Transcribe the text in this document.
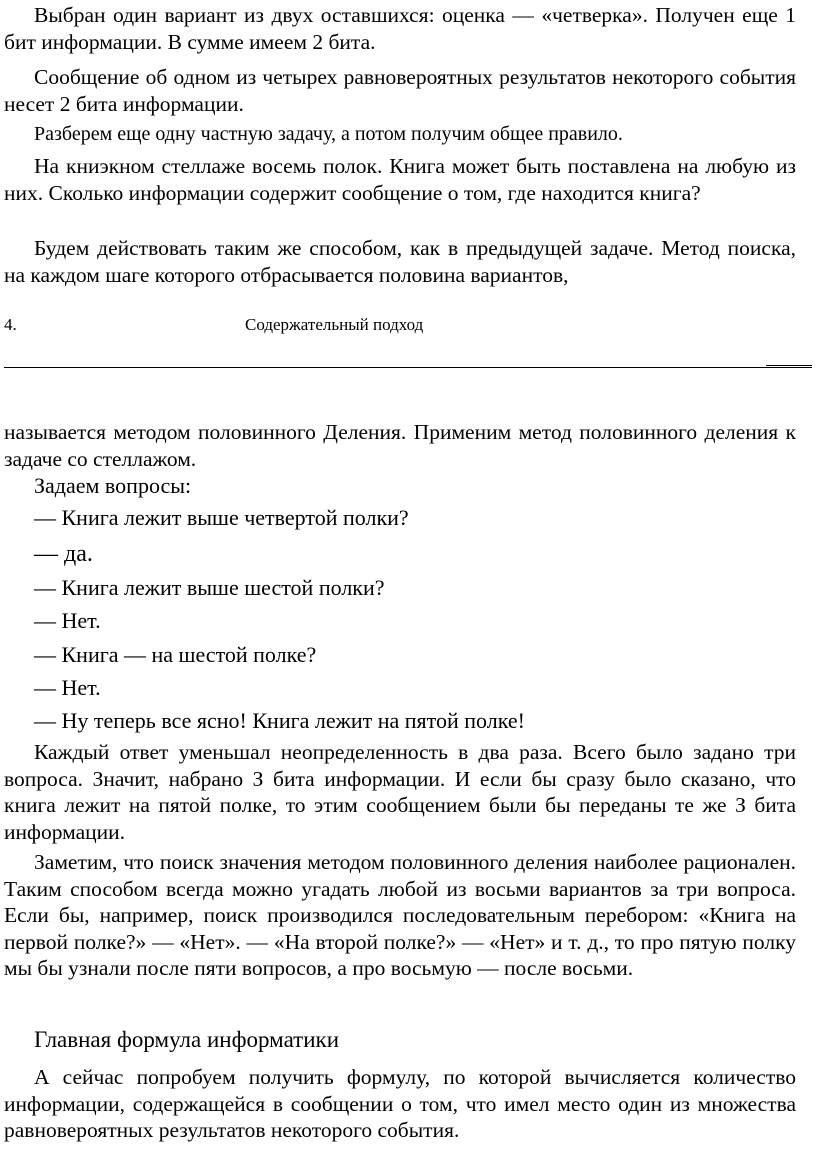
Выбран один вариант из двух оставшихся: оценка — «четверка». Получен еще 1 бит информации. В сумме имеем 2 бита.

Сообщение об одном из четырех равновероятных результатов некоторого события несет 2 бита информации.

Разберем еще одну частную задачу, а потом получим общее правило.

На книэкном стеллаже восемь полок. Книга может быть поставлена на любую из них. Сколько информации содержит сообщение о том, где находится книга?

Будем действовать таким же способом, как в предыдущей задаче. Метод поиска, на каждом шаге которого отбрасывается половина вариантов,

4.	Содержательный подход

называется методом половинного Деления. Применим метод половинного деления к задаче со стеллажом.

Задаем вопросы:

— Книга лежит выше четвертой полки?

— да.

— Книга лежит выше шестой полки?

— Нет.

— Книга — на шестой полке?

— Нет.

— Ну теперь все ясно! Книга лежит на пятой полке!

Каждый ответ уменьшал неопределенность в два раза. Всего было задано три вопроса. Значит, набрано З бита информации. И если бы сразу было сказано, что книга лежит на пятой полке, то этим сообщением были бы переданы те же З бита информации.

Заметим, что поиск значения методом половинного деления наиболее рационален. Таким способом всегда можно угадать любой из восьми вариантов за три вопроса. Если бы, например, поиск производился последовательным перебором: «Книга на первой полке?» — «Нет». — «На второй полке?» — «Нет» и т. д., то про пятую полку мы бы узнали после пяти вопросов, а про восьмую — после восьми.

Главная формула информатики

А сейчас попробуем получить формулу, по которой вычисляется количество информации, содержащейся в сообщении о том, что имел место один из множества равновероятных результатов некоторого события.
